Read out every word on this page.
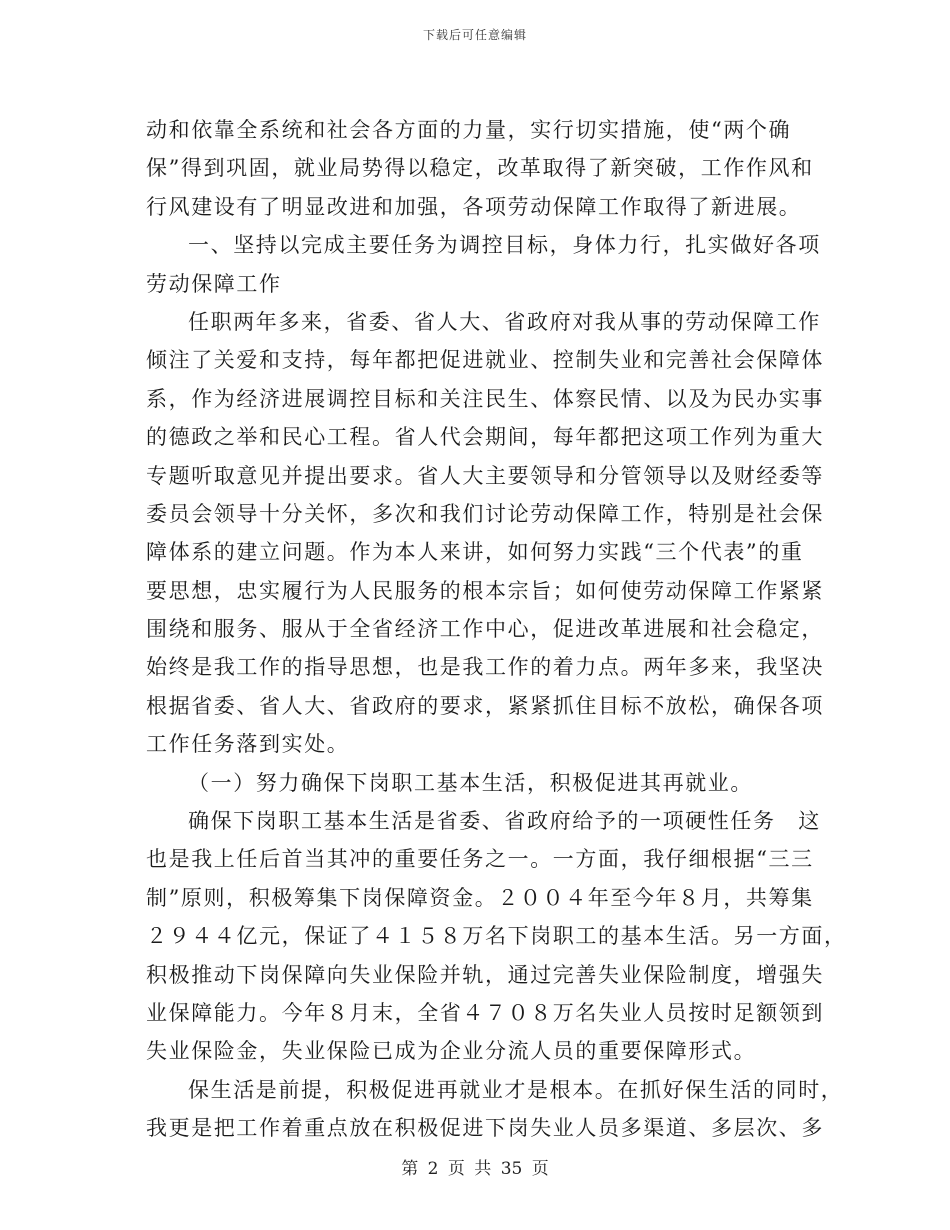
下载后可任意编辑
动和依靠全系统和社会各方面的力量，实行切实措施，使“两个确
保”得到巩固，就业局势得以稳定，改革取得了新突破，工作作风和
行风建设有了明显改进和加强，各项劳动保障工作取得了新进展。
一、坚持以完成主要任务为调控目标，身体力行，扎实做好各项
劳动保障工作
任职两年多来，省委、省人大、省政府对我从事的劳动保障工作
倾注了关爱和支持，每年都把促进就业、控制失业和完善社会保障体
系，作为经济进展调控目标和关注民生、体察民情、以及为民办实事
的德政之举和民心工程。省人代会期间，每年都把这项工作列为重大
专题听取意见并提出要求。省人大主要领导和分管领导以及财经委等
委员会领导十分关怀，多次和我们讨论劳动保障工作，特别是社会保
障体系的建立问题。作为本人来讲，如何努力实践“三个代表”的重
要思想，忠实履行为人民服务的根本宗旨；如何使劳动保障工作紧紧
围绕和服务、服从于全省经济工作中心，促进改革进展和社会稳定，
始终是我工作的指导思想，也是我工作的着力点。两年多来，我坚决
根据省委、省人大、省政府的要求，紧紧抓住目标不放松，确保各项
工作任务落到实处。
（一）努力确保下岗职工基本生活，积极促进其再就业。
确保下岗职工基本生活是省委、省政府给予的一项硬性任务　这
也是我上任后首当其冲的重要任务之一。一方面，我仔细根据“三三
制”原则，积极筹集下岗保障资金。２００４年至今年８月，共筹集
２９４４亿元，保证了４１５８万名下岗职工的基本生活。另一方面，
积极推动下岗保障向失业保险并轨，通过完善失业保险制度，增强失
业保障能力。今年８月末，全省４７０８万名失业人员按时足额领到
失业保险金，失业保险已成为企业分流人员的重要保障形式。
保生活是前提，积极促进再就业才是根本。在抓好保生活的同时，
我更是把工作着重点放在积极促进下岗失业人员多渠道、多层次、多
第 2 页 共 35 页
